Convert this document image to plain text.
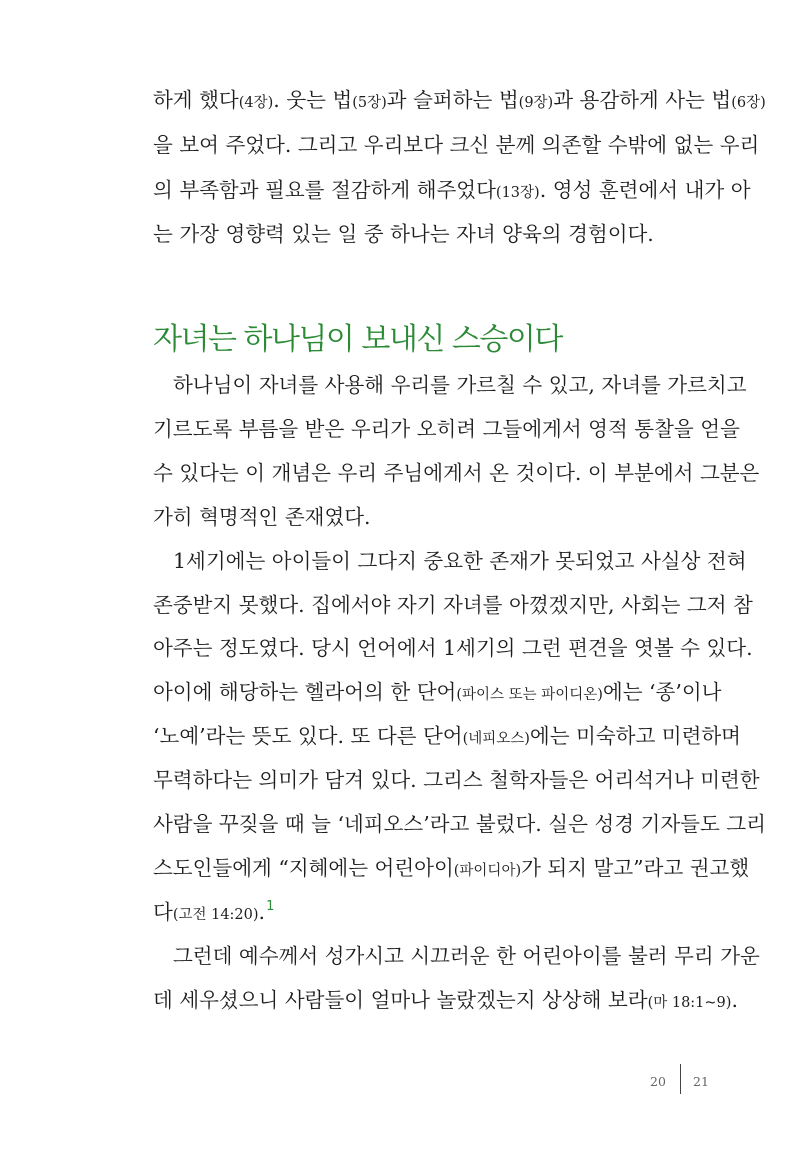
하게 했다(4장). 웃는 법(5장)과 슬퍼하는 법(9장)과 용감하게 사는 법(6장)
을 보여 주었다. 그리고 우리보다 크신 분께 의존할 수밖에 없는 우리
의 부족함과 필요를 절감하게 해주었다(13장). 영성 훈련에서 내가 아
는 가장 영향력 있는 일 중 하나는 자녀 양육의 경험이다.
자녀는 하나님이 보내신 스승이다
하나님이 자녀를 사용해 우리를 가르칠 수 있고, 자녀를 가르치고
기르도록 부름을 받은 우리가 오히려 그들에게서 영적 통찰을 얻을
수 있다는 이 개념은 우리 주님에게서 온 것이다. 이 부분에서 그분은
가히 혁명적인 존재였다.
1세기에는 아이들이 그다지 중요한 존재가 못되었고 사실상 전혀
존중받지 못했다. 집에서야 자기 자녀를 아꼈겠지만, 사회는 그저 참
아주는 정도였다. 당시 언어에서 1세기의 그런 편견을 엿볼 수 있다.
아이에 해당하는 헬라어의 한 단어(파이스 또는 파이디온)에는 ‘종’이나
‘노예’라는 뜻도 있다. 또 다른 단어(네피오스)에는 미숙하고 미련하며
무력하다는 의미가 담겨 있다. 그리스 철학자들은 어리석거나 미련한
사람을 꾸짖을 때 늘 ‘네피오스’라고 불렀다. 실은 성경 기자들도 그리
스도인들에게 “지혜에는 어린아이(파이디아)가 되지 말고”라고 권고했
다(고전 14:20).$^1$
그런데 예수께서 성가시고 시끄러운 한 어린아이를 불러 무리 가운
데 세우셨으니 사람들이 얼마나 놀랐겠는지 상상해 보라(마 18:1~9).
20 21
